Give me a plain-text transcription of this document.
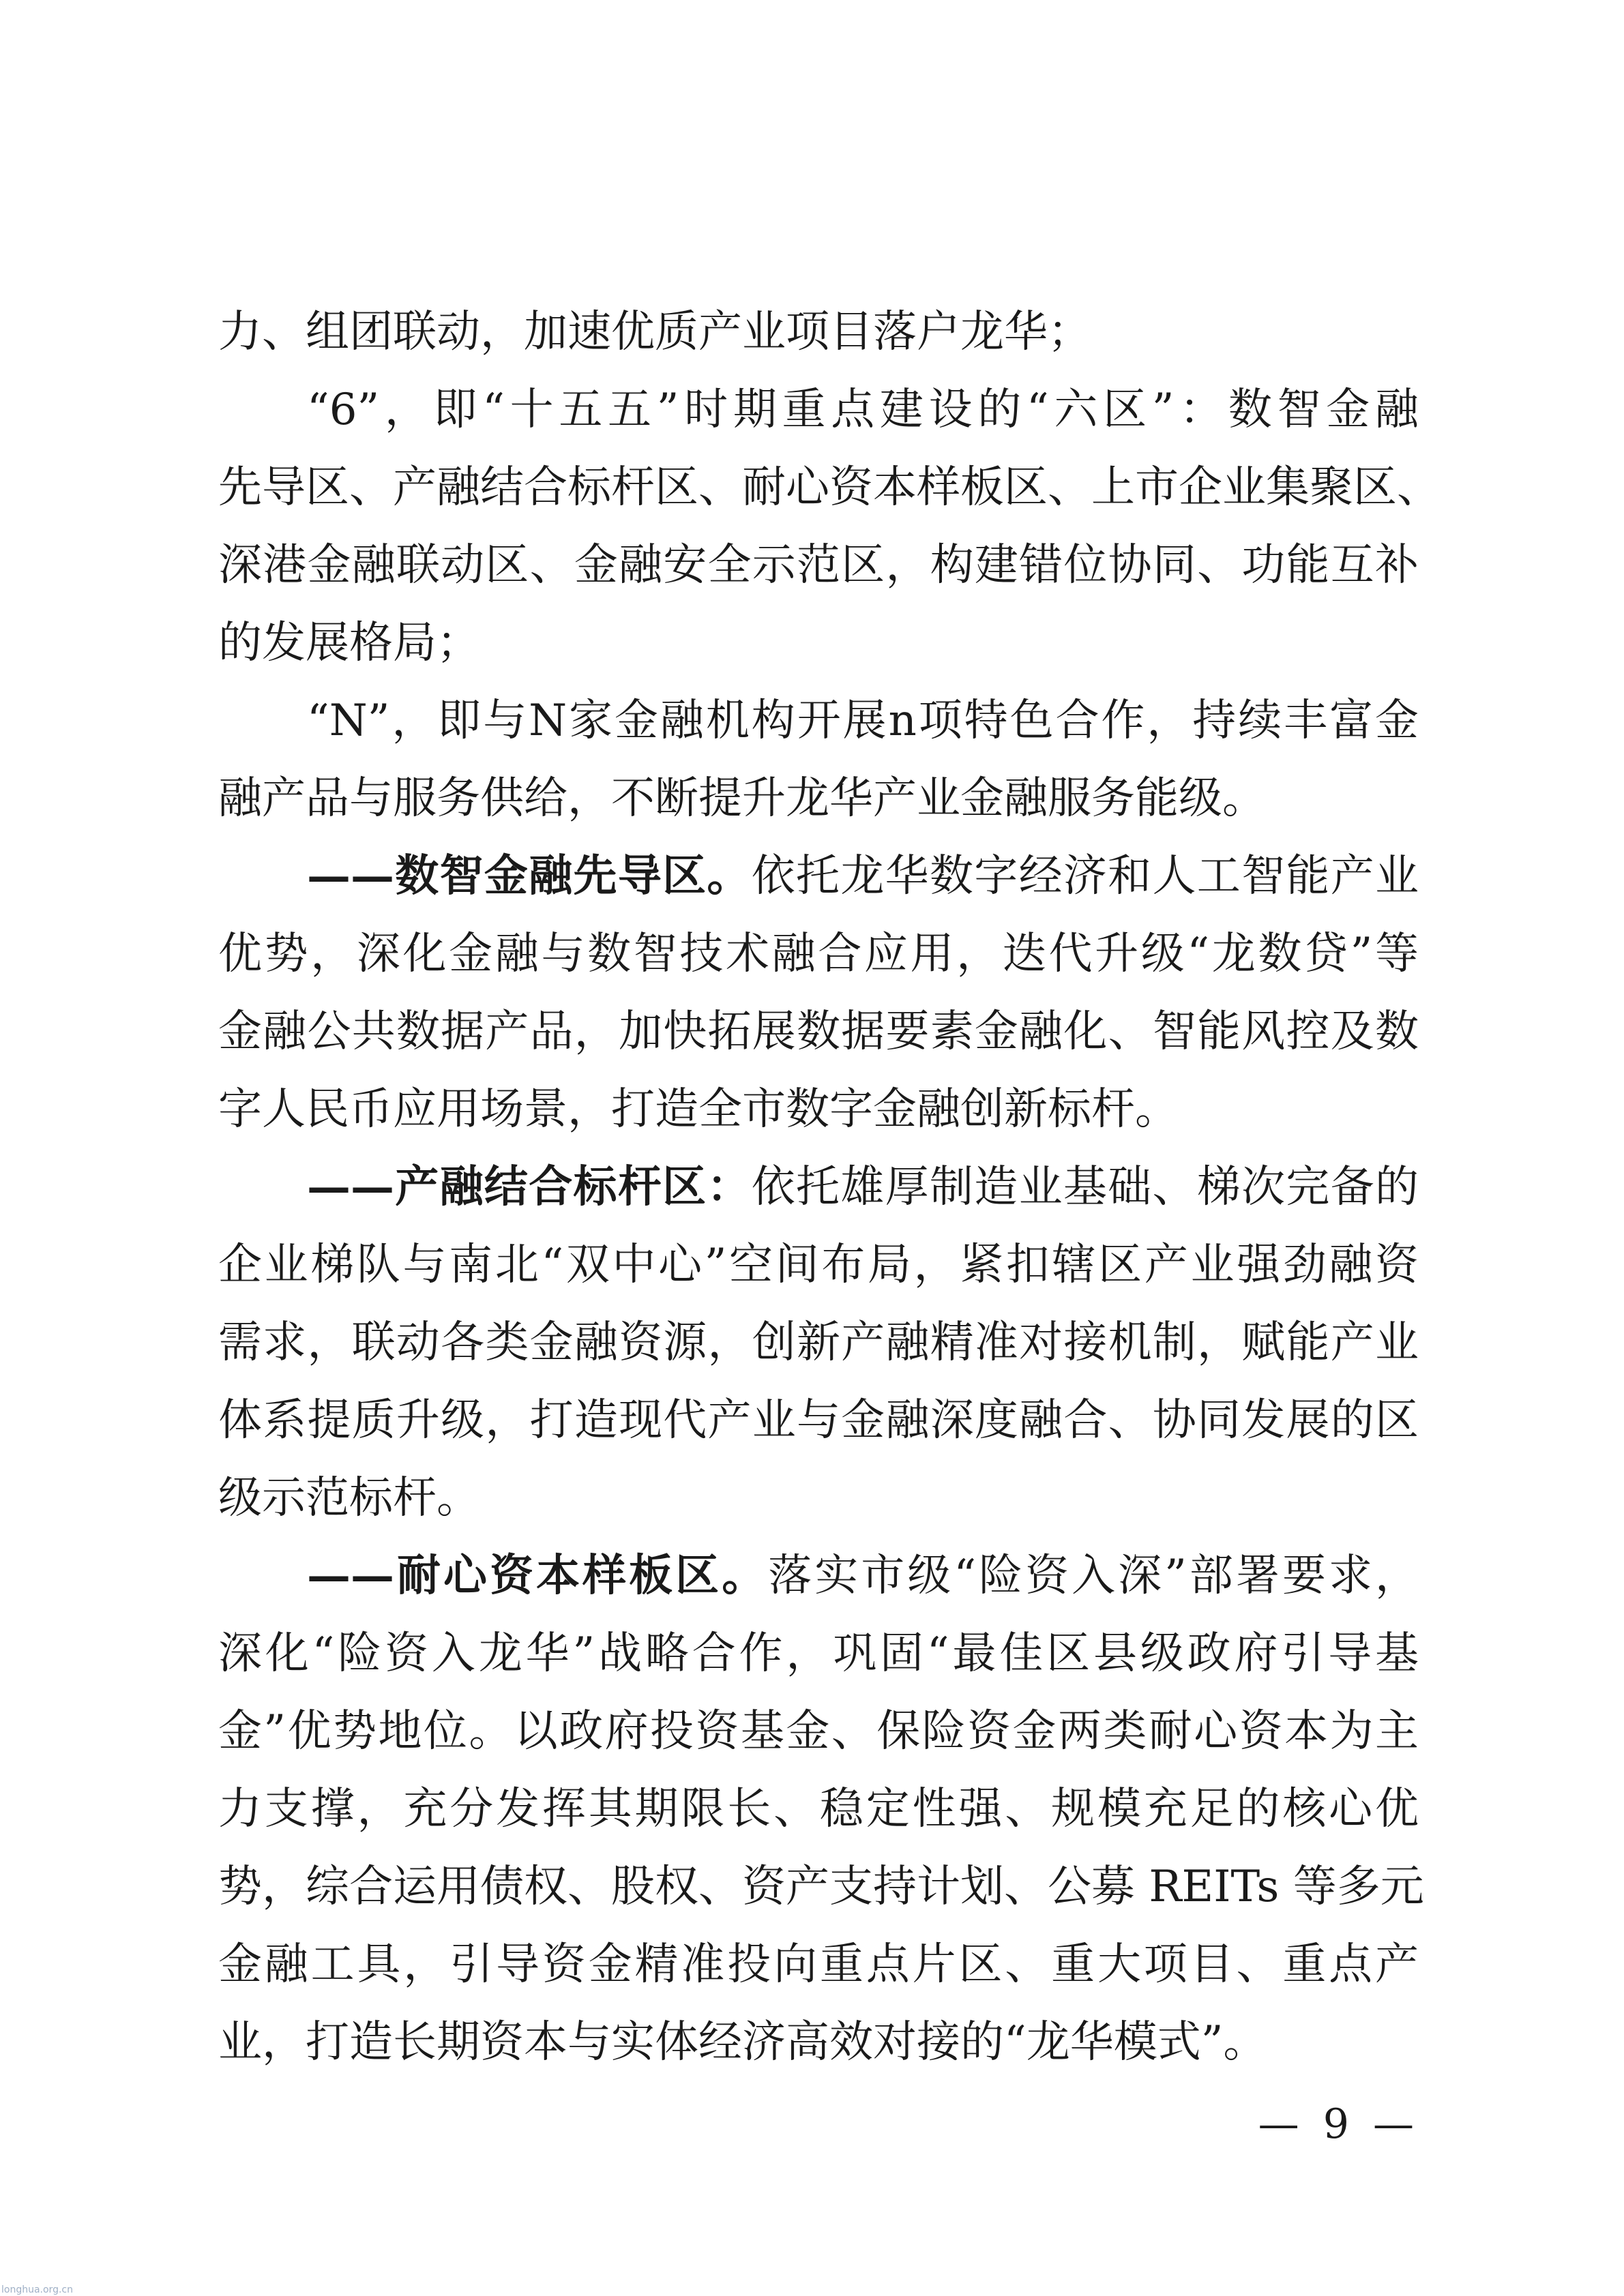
力、组团联动，加速优质产业项目落户龙华；
“6”，即“十五五”时期重点建设的“六区”：数智金融
先导区、产融结合标杆区、耐心资本样板区、上市企业集聚区、
深港金融联动区、金融安全示范区，构建错位协同、功能互补
的发展格局；
“N”，即与N家金融机构开展n项特色合作，持续丰富金
融产品与服务供给，不断提升龙华产业金融服务能级。
——数智金融先导区。依托龙华数字经济和人工智能产业
优势，深化金融与数智技术融合应用，迭代升级“龙数贷”等
金融公共数据产品，加快拓展数据要素金融化、智能风控及数
字人民币应用场景，打造全市数字金融创新标杆。
——产融结合标杆区：依托雄厚制造业基础、梯次完备的
企业梯队与南北“双中心”空间布局，紧扣辖区产业强劲融资
需求，联动各类金融资源，创新产融精准对接机制，赋能产业
体系提质升级，打造现代产业与金融深度融合、协同发展的区
级示范标杆。
——耐心资本样板区。落实市级“险资入深”部署要求，
深化“险资入龙华”战略合作，巩固“最佳区县级政府引导基
金”优势地位。以政府投资基金、保险资金两类耐心资本为主
力支撑，充分发挥其期限长、稳定性强、规模充足的核心优
势，综合运用债权、股权、资产支持计划、公募 REITs 等多元
金融工具，引导资金精准投向重点片区、重大项目、重点产
业，打造长期资本与实体经济高效对接的“龙华模式”。
— 9 —
longhua.org.cn
